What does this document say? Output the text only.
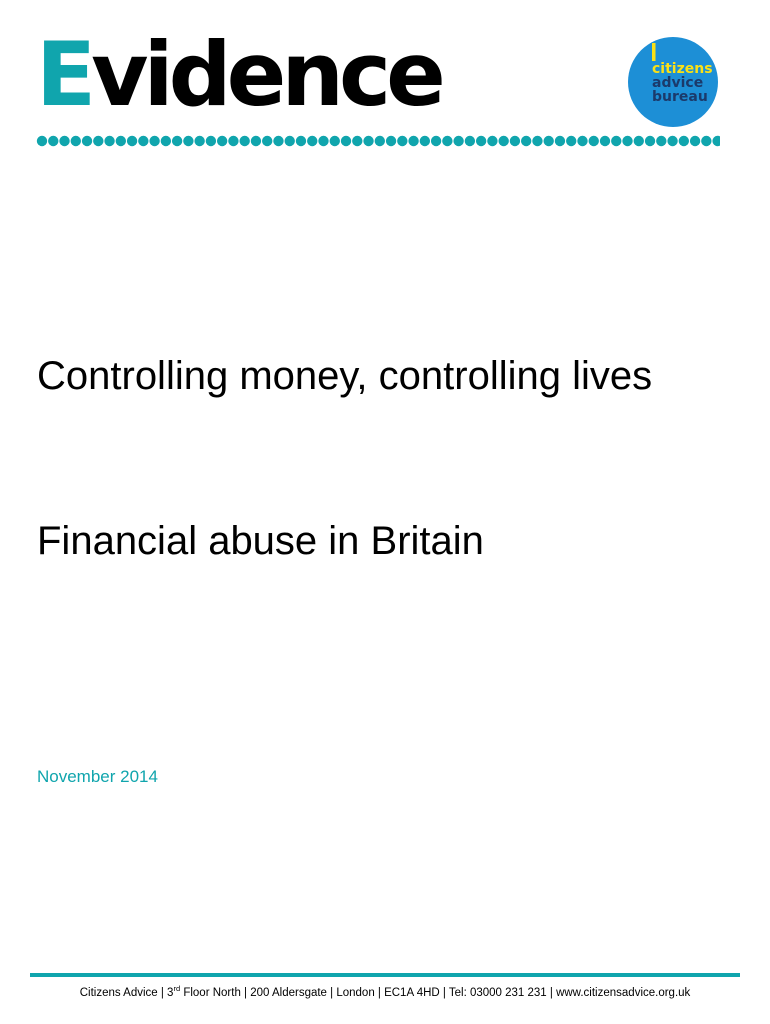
Evidence	citizens
advice
bureau
Controlling money, controlling lives
Financial abuse in Britain
November 2014
Citizens Advice | 3rd Floor North | 200 Aldersgate | London | EC1A 4HD | Tel: 03000 231 231 | www.citizensadvice.org.uk
